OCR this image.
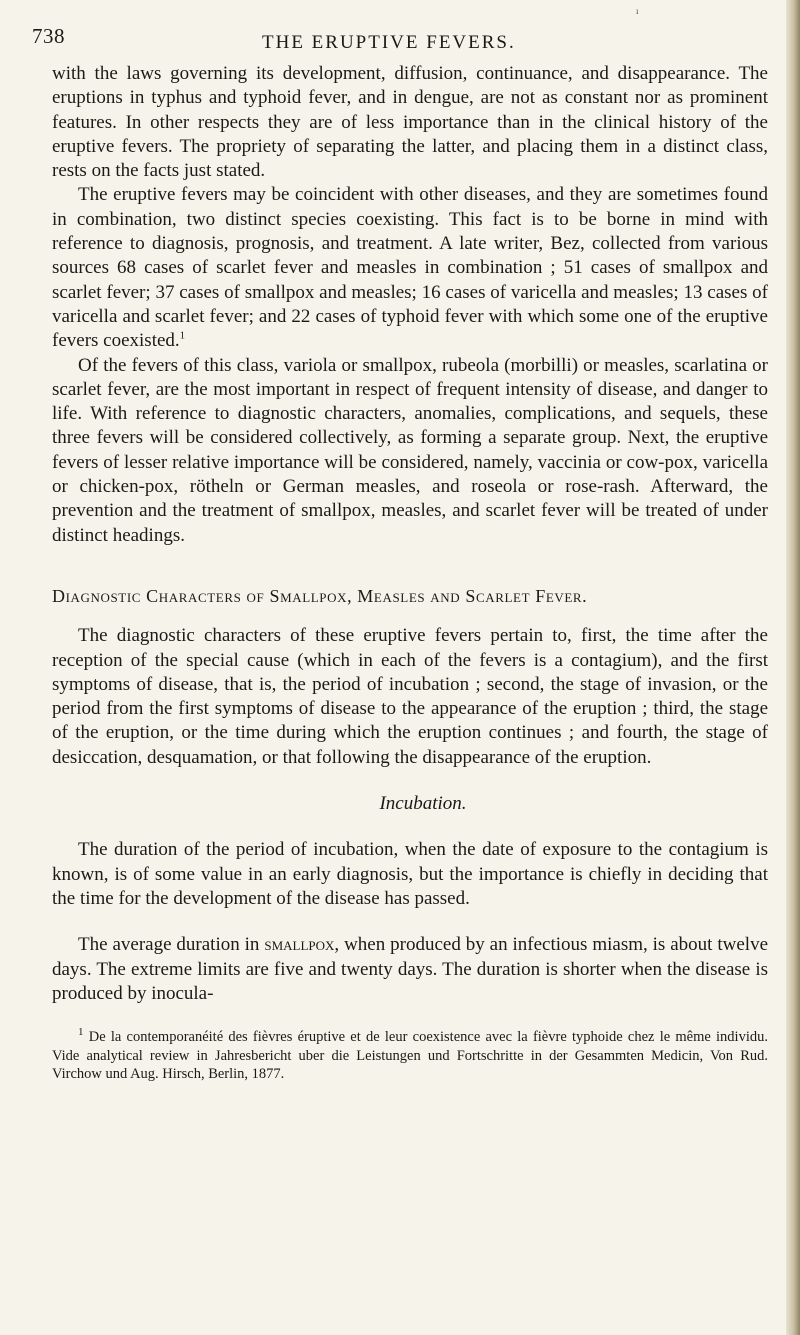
ı
738	THE ERUPTIVE FEVERS.

with the laws governing its development, diffusion, continuance, and disappearance. The eruptions in typhus and typhoid fever, and in dengue, are not as constant nor as prominent features. In other respects they are of less importance than in the clinical history of the eruptive fevers. The propriety of separating the latter, and placing them in a distinct class, rests on the facts just stated.

The eruptive fevers may be coincident with other diseases, and they are sometimes found in combination, two distinct species coexisting. This fact is to be borne in mind with reference to diagnosis, prognosis, and treatment. A late writer, Bez, collected from various sources 68 cases of scarlet fever and measles in combination ; 51 cases of smallpox and scarlet fever; 37 cases of smallpox and measles; 16 cases of varicella and measles; 13 cases of varicella and scarlet fever; and 22 cases of typhoid fever with which some one of the eruptive fevers coexisted.$^1$

Of the fevers of this class, variola or smallpox, rubeola (morbilli) or measles, scarlatina or scarlet fever, are the most important in respect of frequent intensity of disease, and danger to life. With reference to diagnostic characters, anomalies, complications, and sequels, these three fevers will be considered collectively, as forming a separate group. Next, the eruptive fevers of lesser relative importance will be considered, namely, vaccinia or cow-pox, varicella or chicken-pox, rötheln or German measles, and roseola or rose-rash. Afterward, the prevention and the treatment of smallpox, measles, and scarlet fever will be treated of under distinct headings.

Diagnostic Characters of Smallpox, Measles and Scarlet Fever.

The diagnostic characters of these eruptive fevers pertain to, first, the time after the reception of the special cause (which in each of the fevers is a contagium), and the first symptoms of disease, that is, the period of incubation ; second, the stage of invasion, or the period from the first symptoms of disease to the appearance of the eruption ; third, the stage of the eruption, or the time during which the eruption continues ; and fourth, the stage of desiccation, desquamation, or that following the disappearance of the eruption.

Incubation.

The duration of the period of incubation, when the date of exposure to the contagium is known, is of some value in an early diagnosis, but the importance is chiefly in deciding that the time for the development of the disease has passed.

The average duration in smallpox, when produced by an infectious miasm, is about twelve days. The extreme limits are five and twenty days. The duration is shorter when the disease is produced by inocula-

$^1$ De la contemporanéité des fièvres éruptive et de leur coexistence avec la fièvre typhoide chez le même individu. Vide analytical review in Jahresbericht uber die Leistungen und Fortschritte in der Gesammten Medicin, Von Rud. Virchow und Aug. Hirsch, Berlin, 1877.
